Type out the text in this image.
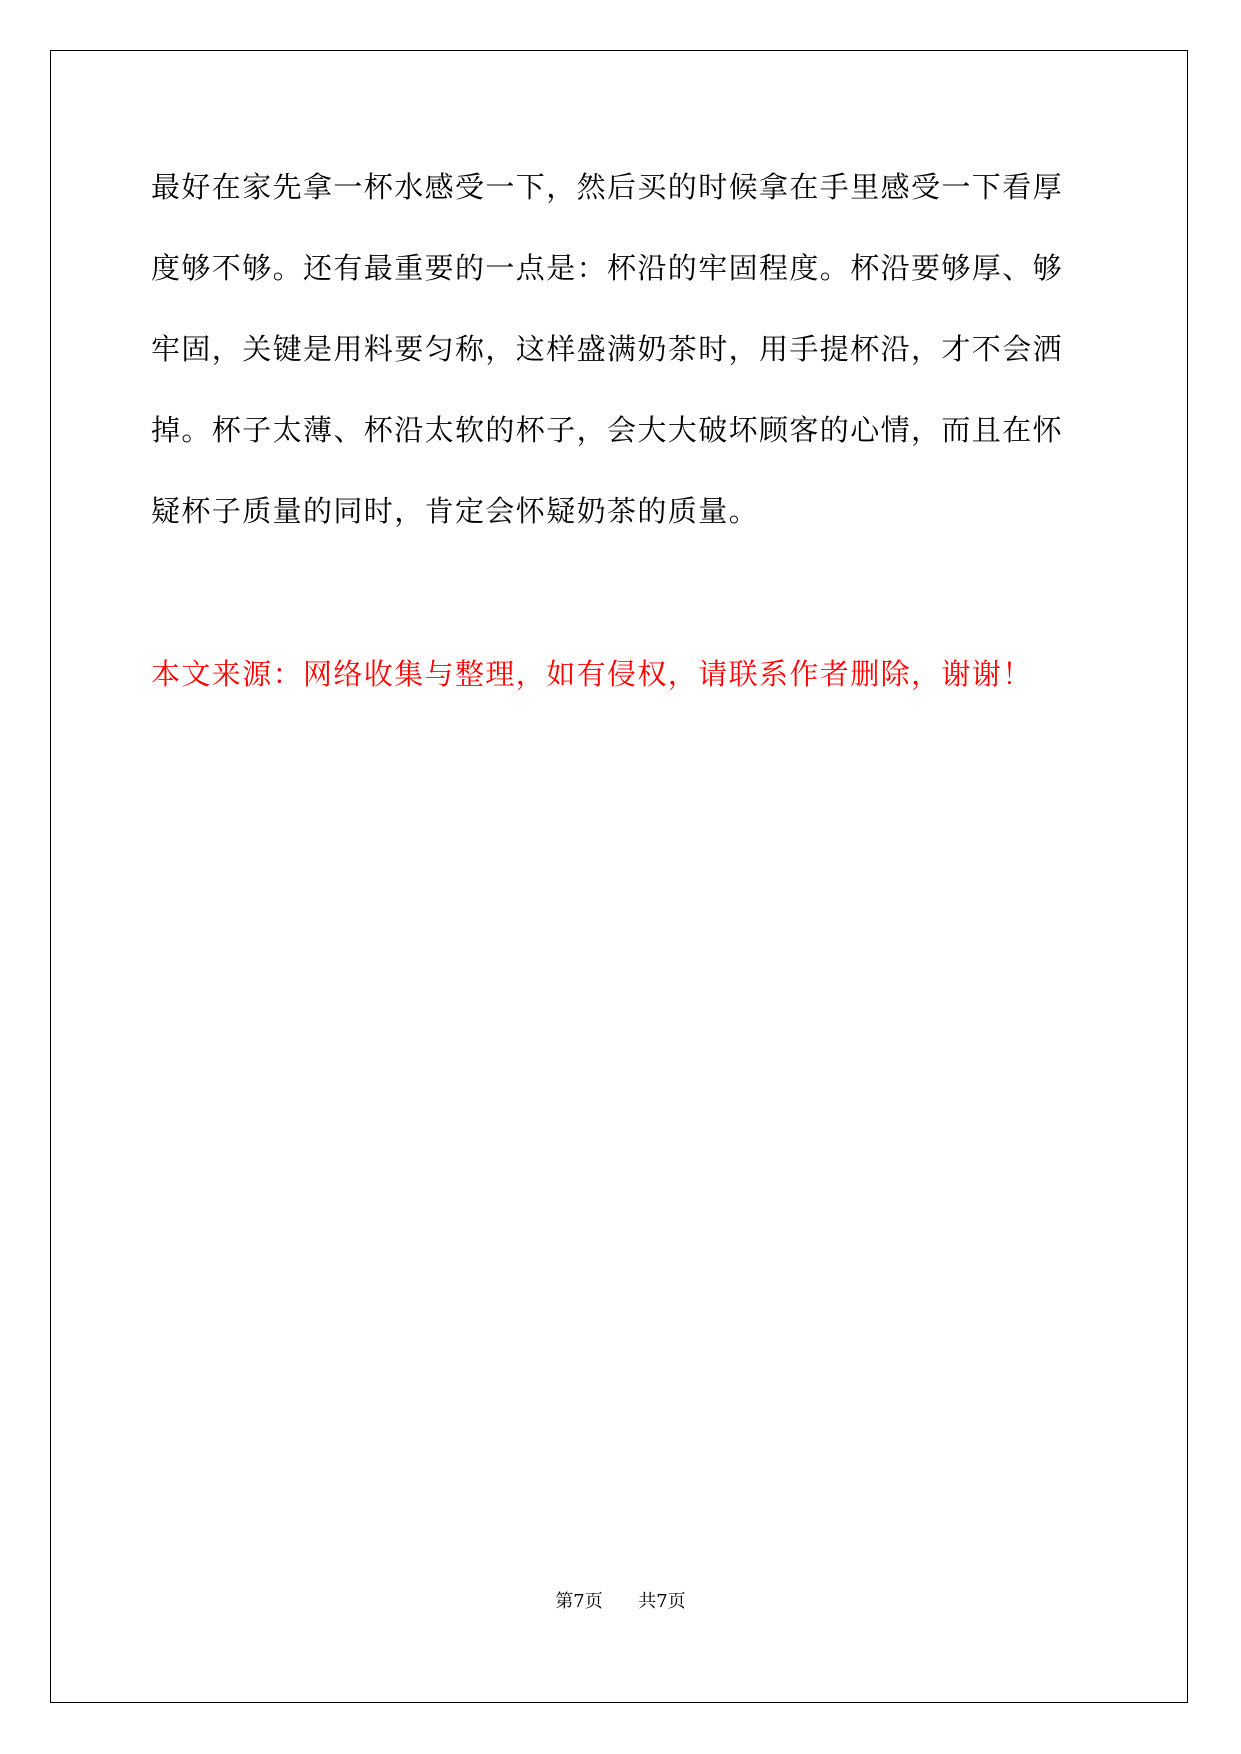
最好在家先拿一杯水感受一下，然后买的时候拿在手里感受一下看厚
度够不够。还有最重要的一点是：杯沿的牢固程度。杯沿要够厚、够
牢固，关键是用料要匀称，这样盛满奶茶时，用手提杯沿，才不会洒
掉。杯子太薄、杯沿太软的杯子，会大大破坏顾客的心情，而且在怀
疑杯子质量的同时，肯定会怀疑奶茶的质量。

本文来源：网络收集与整理，如有侵权，请联系作者删除，谢谢！

第7页 共7页
